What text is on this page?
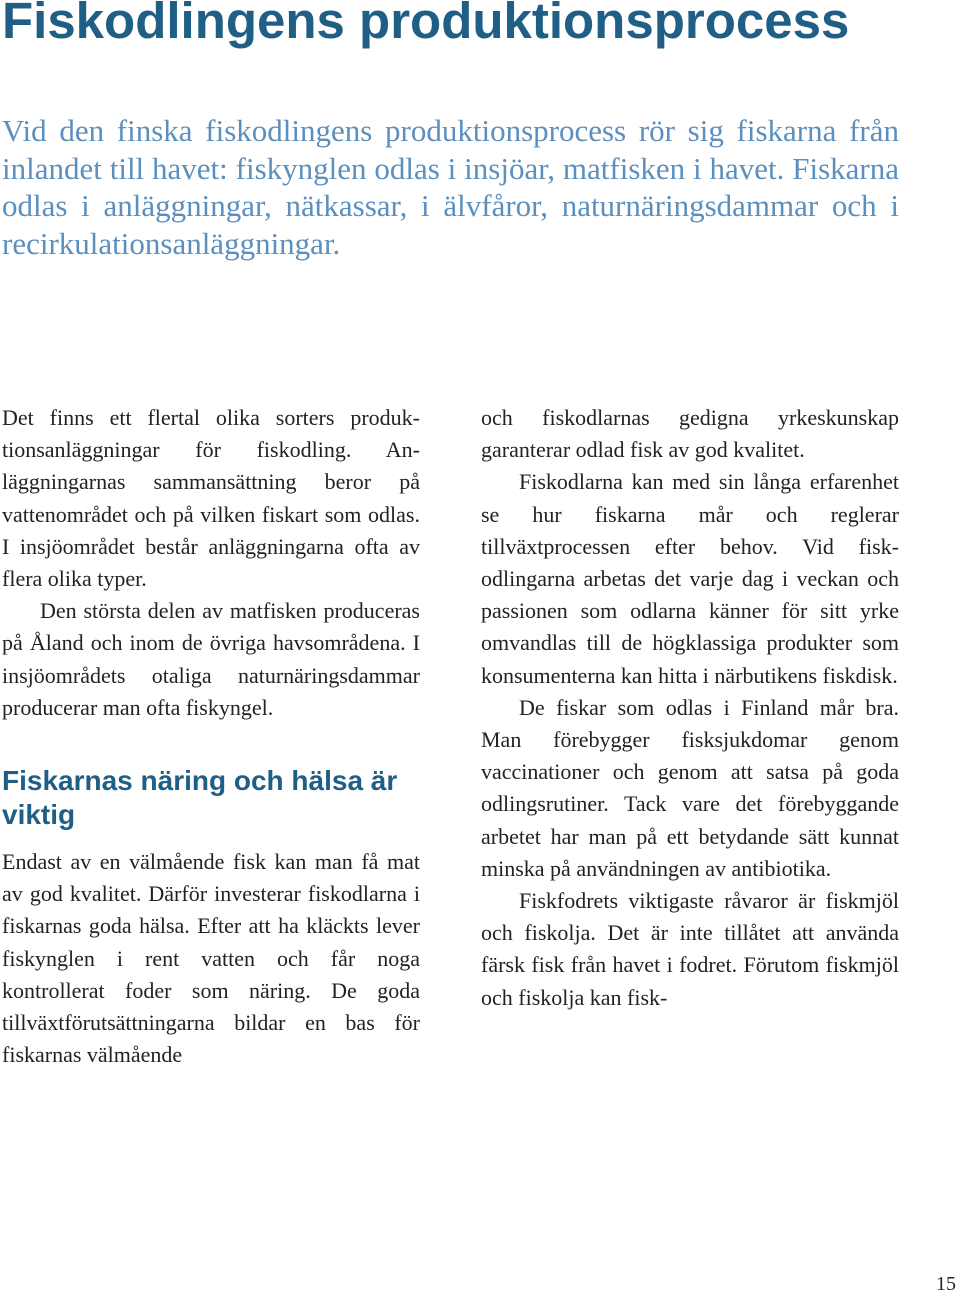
Fiskodlingens produktionsprocess

Vid den finska fiskodlingens produktionsprocess rör sig fiskarna från inlandet till havet: fiskynglen odlas i insjöar, matfisken i havet. Fiskarna odlas i anläggningar, nätkassar, i älvfåror, naturnäringsdammar och i recirkulationsanläggningar.

Det finns ett flertal olika sorters produktionsanläggningar för fiskodling. Anläggningarnas sammansättning beror på vattenområdet och på vilken fiskart som odlas. I insjöområdet består anläggningarna ofta av flera olika typer.

Den största delen av matfisken produceras på Åland och inom de övriga havsområdena. I insjöområdets otaliga naturnäringsdammar producerar man ofta fiskyngel.

Fiskarnas näring och hälsa är viktig

Endast av en välmående fisk kan man få mat av god kvalitet. Därför investerar fiskodlarna i fiskarnas goda hälsa. Efter att ha kläckts lever fiskynglen i rent vatten och får noga kontrollerat foder som näring. De goda tillväxtförutsättningarna bildar en bas för fiskarnas välmående

och fiskodlarnas gedigna yrkeskunskap garanterar odlad fisk av god kvalitet.

Fiskodlarna kan med sin långa erfarenhet se hur fiskarna mår och reglerar tillväxtprocessen efter behov. Vid fiskodlingarna arbetas det varje dag i veckan och passionen som odlarna känner för sitt yrke omvandlas till de högklassiga produkter som konsumenterna kan hitta i närbutikens fiskdisk.

De fiskar som odlas i Finland mår bra. Man förebygger fisksjukdomar genom vaccinationer och genom att satsa på goda odlingsrutiner. Tack vare det förebyggande arbetet har man på ett betydande sätt kunnat minska på användningen av antibiotika.

Fiskfodrets viktigaste råvaror är fiskmjöl och fiskolja. Det är inte tillåtet att använda färsk fisk från havet i fodret. Förutom fiskmjöl och fiskolja kan fisk-

15
